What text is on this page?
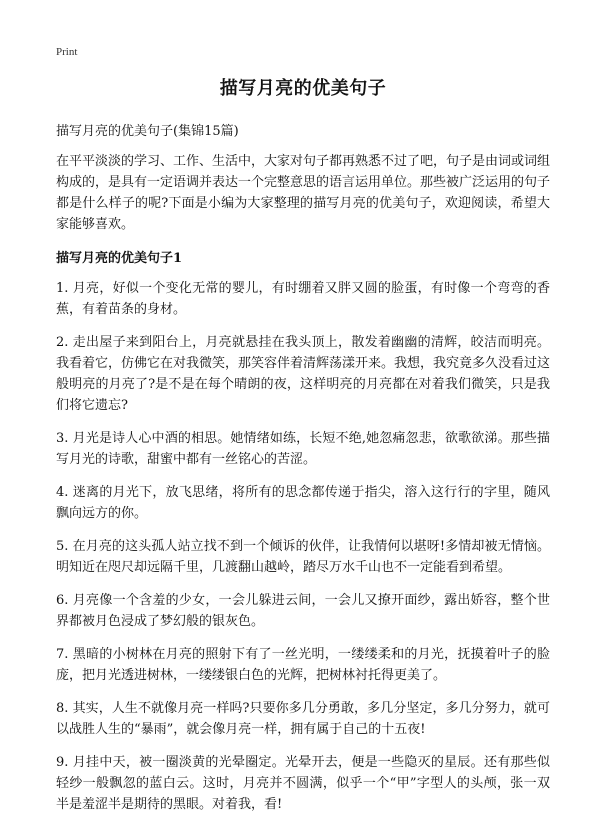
Print
描写月亮的优美句子
描写月亮的优美句子(集锦15篇)

在平平淡淡的学习、工作、生活中，大家对句子都再熟悉不过了吧，句子是由词或词组构成的，是具有一定语调并表达一个完整意思的语言运用单位。那些被广泛运用的句子都是什么样子的呢?下面是小编为大家整理的描写月亮的优美句子，欢迎阅读，希望大家能够喜欢。

描写月亮的优美句子1

1. 月亮，好似一个变化无常的婴儿，有时绷着又胖又圆的脸蛋，有时像一个弯弯的香蕉，有着苗条的身材。

2. 走出屋子来到阳台上，月亮就悬挂在我头顶上，散发着幽幽的清辉，皎洁而明亮。我看着它，仿佛它在对我微笑，那笑容伴着清辉荡漾开来。我想，我究竟多久没看过这般明亮的月亮了?是不是在每个晴朗的夜，这样明亮的月亮都在对着我们微笑，只是我们将它遗忘?

3. 月光是诗人心中酒的相思。她情绪如练，长短不绝,她忽痛忽悲，欲歌欲涕。那些描写月光的诗歌，甜蜜中都有一丝铭心的苦涩。

4. 迷离的月光下，放飞思绪，将所有的思念都传递于指尖，溶入这行行的字里，随风飘向远方的你。

5. 在月亮的这头孤人站立找不到一个倾诉的伙伴，让我情何以堪呀!多情却被无情恼。明知近在咫尺却远隔千里，几渡翻山越岭，踏尽万水千山也不一定能看到希望。

6. 月亮像一个含羞的少女，一会儿躲进云间，一会儿又撩开面纱，露出娇容，整个世界都被月色浸成了梦幻般的银灰色。

7. 黑暗的小树林在月亮的照射下有了一丝光明，一缕缕柔和的月光，抚摸着叶子的脸庞，把月光透进树林，一缕缕银白色的光辉，把树林衬托得更美了。

8. 其实，人生不就像月亮一样吗?只要你多几分勇敢，多几分坚定，多几分努力，就可以战胜人生的“暴雨”，就会像月亮一样，拥有属于自己的十五夜!

9. 月挂中天，被一圈淡黄的光晕圈定。光晕开去，便是一些隐灭的星辰。还有那些似轻纱一般飘忽的蓝白云。这时，月亮并不圆满，似乎一个“甲”字型人的头颅，张一双半是羞涩半是期待的黑眼。对着我，看!
